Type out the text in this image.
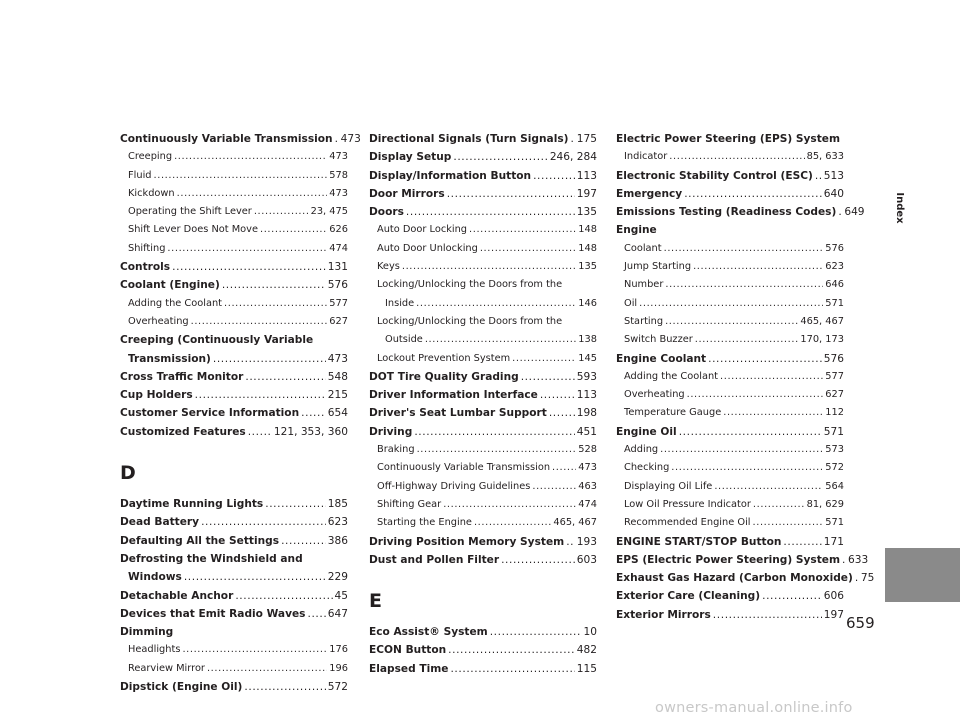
Continuously Variable Transmission ..... 473
Creeping .....	473
Fluid .....	578
Kickdown .....	473
Operating the Shift Lever .....	23, 475
Shift Lever Does Not Move .....	626
Shifting .....	474
Controls .....	131
Coolant (Engine) .....	576
Adding the Coolant .....	577
Overheating .....	627
Creeping (Continuously Variable
Transmission) .....	473
Cross Traffic Monitor .....	548
Cup Holders .....	215
Customer Service Information .....	654
Customized Features .....	121, 353, 360
D
Daytime Running Lights .....	185
Dead Battery .....	623
Defaulting All the Settings .....	386
Defrosting the Windshield and
Windows .....	229
Detachable Anchor .....	45
Devices that Emit Radio Waves ..... 647
Dimming
Headlights .....	176
Rearview Mirror .....	196
Dipstick (Engine Oil) .....	572
Directional Signals (Turn Signals) ..... 175
Display Setup .....	246, 284
Display/Information Button .....	113
Door Mirrors .....	197
Doors .....	135
Auto Door Locking .....	148
Auto Door Unlocking .....	148
Keys .....	135
Locking/Unlocking the Doors from the
Inside .....	146
Locking/Unlocking the Doors from the
Outside .....	138
Lockout Prevention System .....	145
DOT Tire Quality Grading .....	593
Driver Information Interface .....	113
Driver's Seat Lumbar Support .....	198
Driving .....	451
Braking .....	528
Continuously Variable Transmission .....	473
Off-Highway Driving Guidelines .....	463
Shifting Gear .....	474
Starting the Engine .....	465, 467
Driving Position Memory System ..... 193
Dust and Pollen Filter .....	603
E
Eco Assist® System .....	10
ECON Button .....	482
Elapsed Time .....	115
Electric Power Steering (EPS) System
Indicator .....	85, 633
Electronic Stability Control (ESC) ..... 513
Emergency .....	640
Emissions Testing (Readiness Codes) ..... 649
Engine
Coolant .....	576
Jump Starting .....	623
Number .....	646
Oil .....	571
Starting .....	465, 467
Switch Buzzer .....	170, 173
Engine Coolant .....	576
Adding the Coolant .....	577
Overheating .....	627
Temperature Gauge .....	112
Engine Oil .....	571
Adding .....	573
Checking .....	572
Displaying Oil Life .....	564
Low Oil Pressure Indicator .....	81, 629
Recommended Engine Oil .....	571
ENGINE START/STOP Button .....	171
EPS (Electric Power Steering) System ..... 633
Exhaust Gas Hazard (Carbon Monoxide) ..... 75
Exterior Care (Cleaning) .....	606
Exterior Mirrors .....	197
Index
659
owners-manual.online.info
